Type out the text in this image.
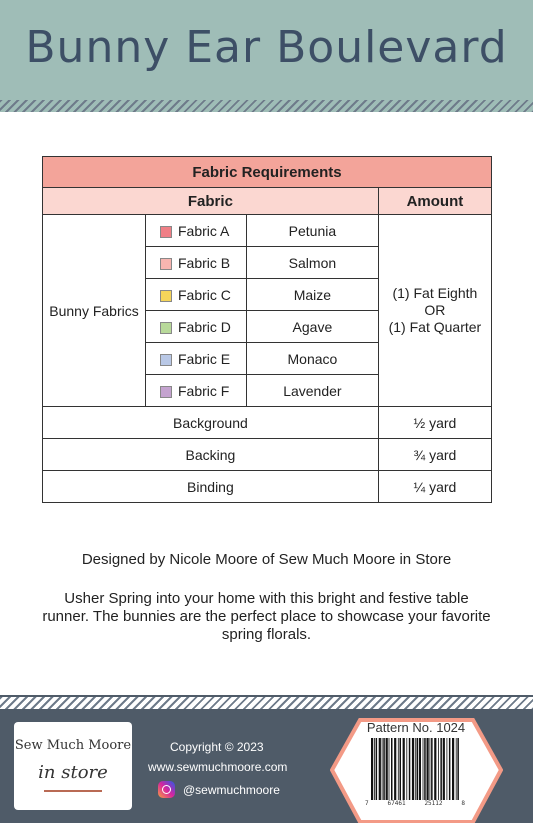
Bunny Ear Boulevard
Fabric Requirements			
Fabric			Amount
Bunny Fabrics	Fabric A	Petunia	(1) Fat Eighth
OR
(1) Fat Quarter

	Fabric B	Salmon	
	Fabric C	Maize	
	Fabric D	Agave	
	Fabric E	Monaco	
	Fabric F	Lavender	
Background			½ yard
Backing			¾ yard
Binding			¼ yard
Designed by Nicole Moore of Sew Much Moore in Store
Usher Spring into your home with this bright and festive table runner. The bunnies are the perfect place to showcase your favorite spring florals.
Sew Much Moore
in store
Copyright © 2023
www.sewmuchmoore.com
@sewmuchmoore
Pattern No. 1024
7	67461	25112	8
